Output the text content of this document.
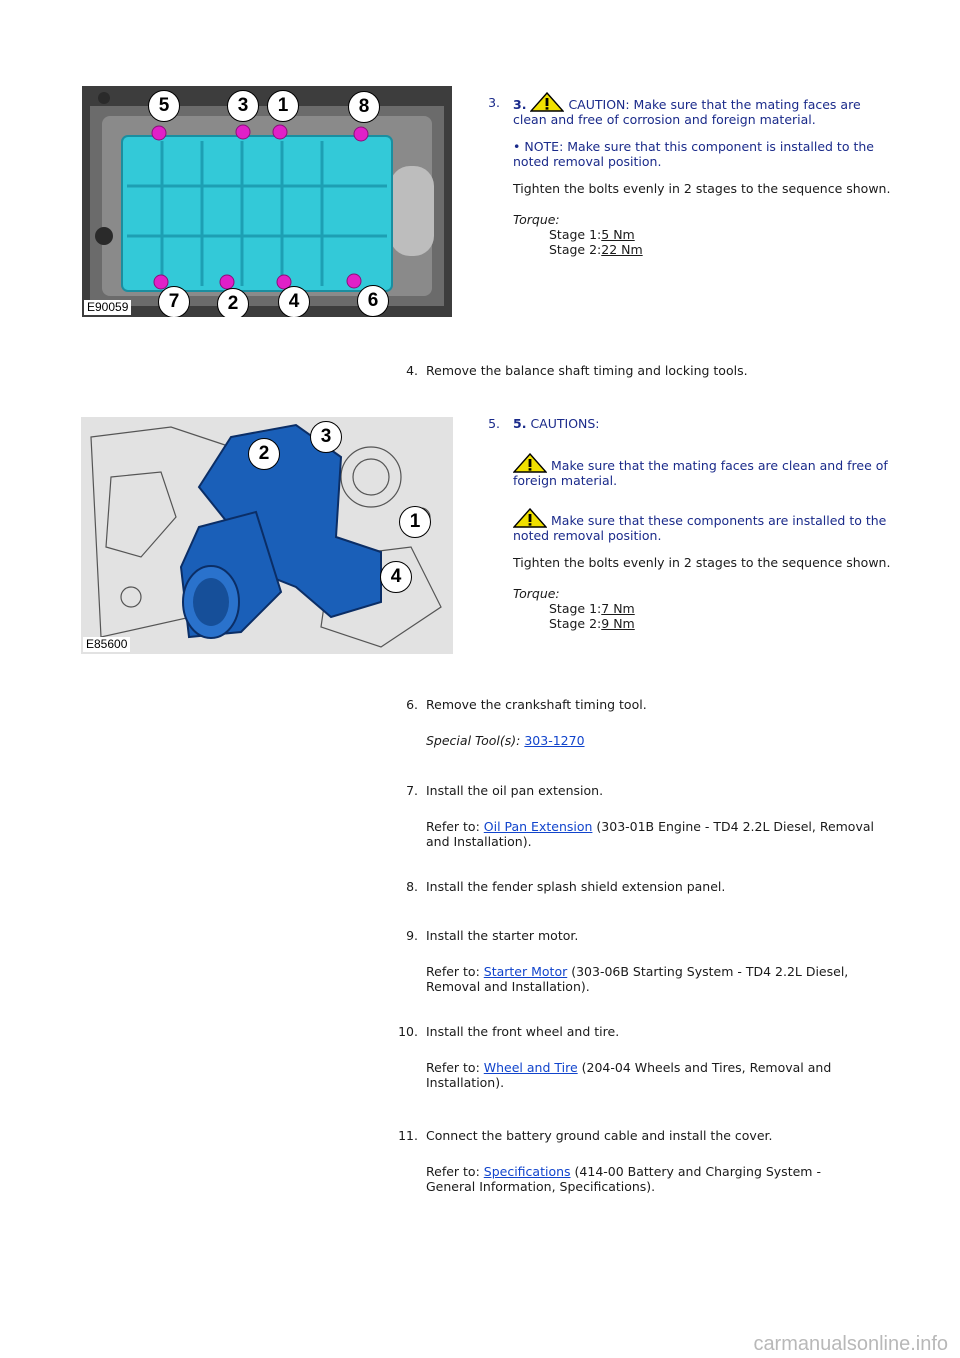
5	3	1	8
7	2	4	6
E90059
3. 3.	CAUTION: Make sure that the mating faces are clean and free of corrosion and foreign material.

• NOTE: Make sure that this component is installed to the noted removal position.

Tighten the bolts evenly in 2 stages to the sequence shown.

Torque:

Stage 1:5 Nm

Stage 2:22 Nm

4. Remove the balance shaft timing and locking tools.
2
3
1
4
E85600
5. 5. CAUTIONS:

Make sure that the mating faces are clean and free of foreign material.

Make sure that these components are installed to the noted removal position.

Tighten the bolts evenly in 2 stages to the sequence shown.

Torque:

Stage 1:7 Nm

Stage 2:9 Nm

6. Remove the crankshaft timing tool.

Special Tool(s): 303-1270

7. Install the oil pan extension.

Refer to: Oil Pan Extension (303-01B Engine - TD4 2.2L Diesel, Removal and Installation).

8. Install the fender splash shield extension panel.
9. Install the starter motor.

Refer to: Starter Motor (303-06B Starting System - TD4 2.2L Diesel, Removal and Installation).

10. Install the front wheel and tire.

Refer to: Wheel and Tire (204-04 Wheels and Tires, Removal and Installation).

11. Connect the battery ground cable and install the cover.

Refer to: Specifications (414-00 Battery and Charging System - General Information, Specifications).

carmanualsonline.info
